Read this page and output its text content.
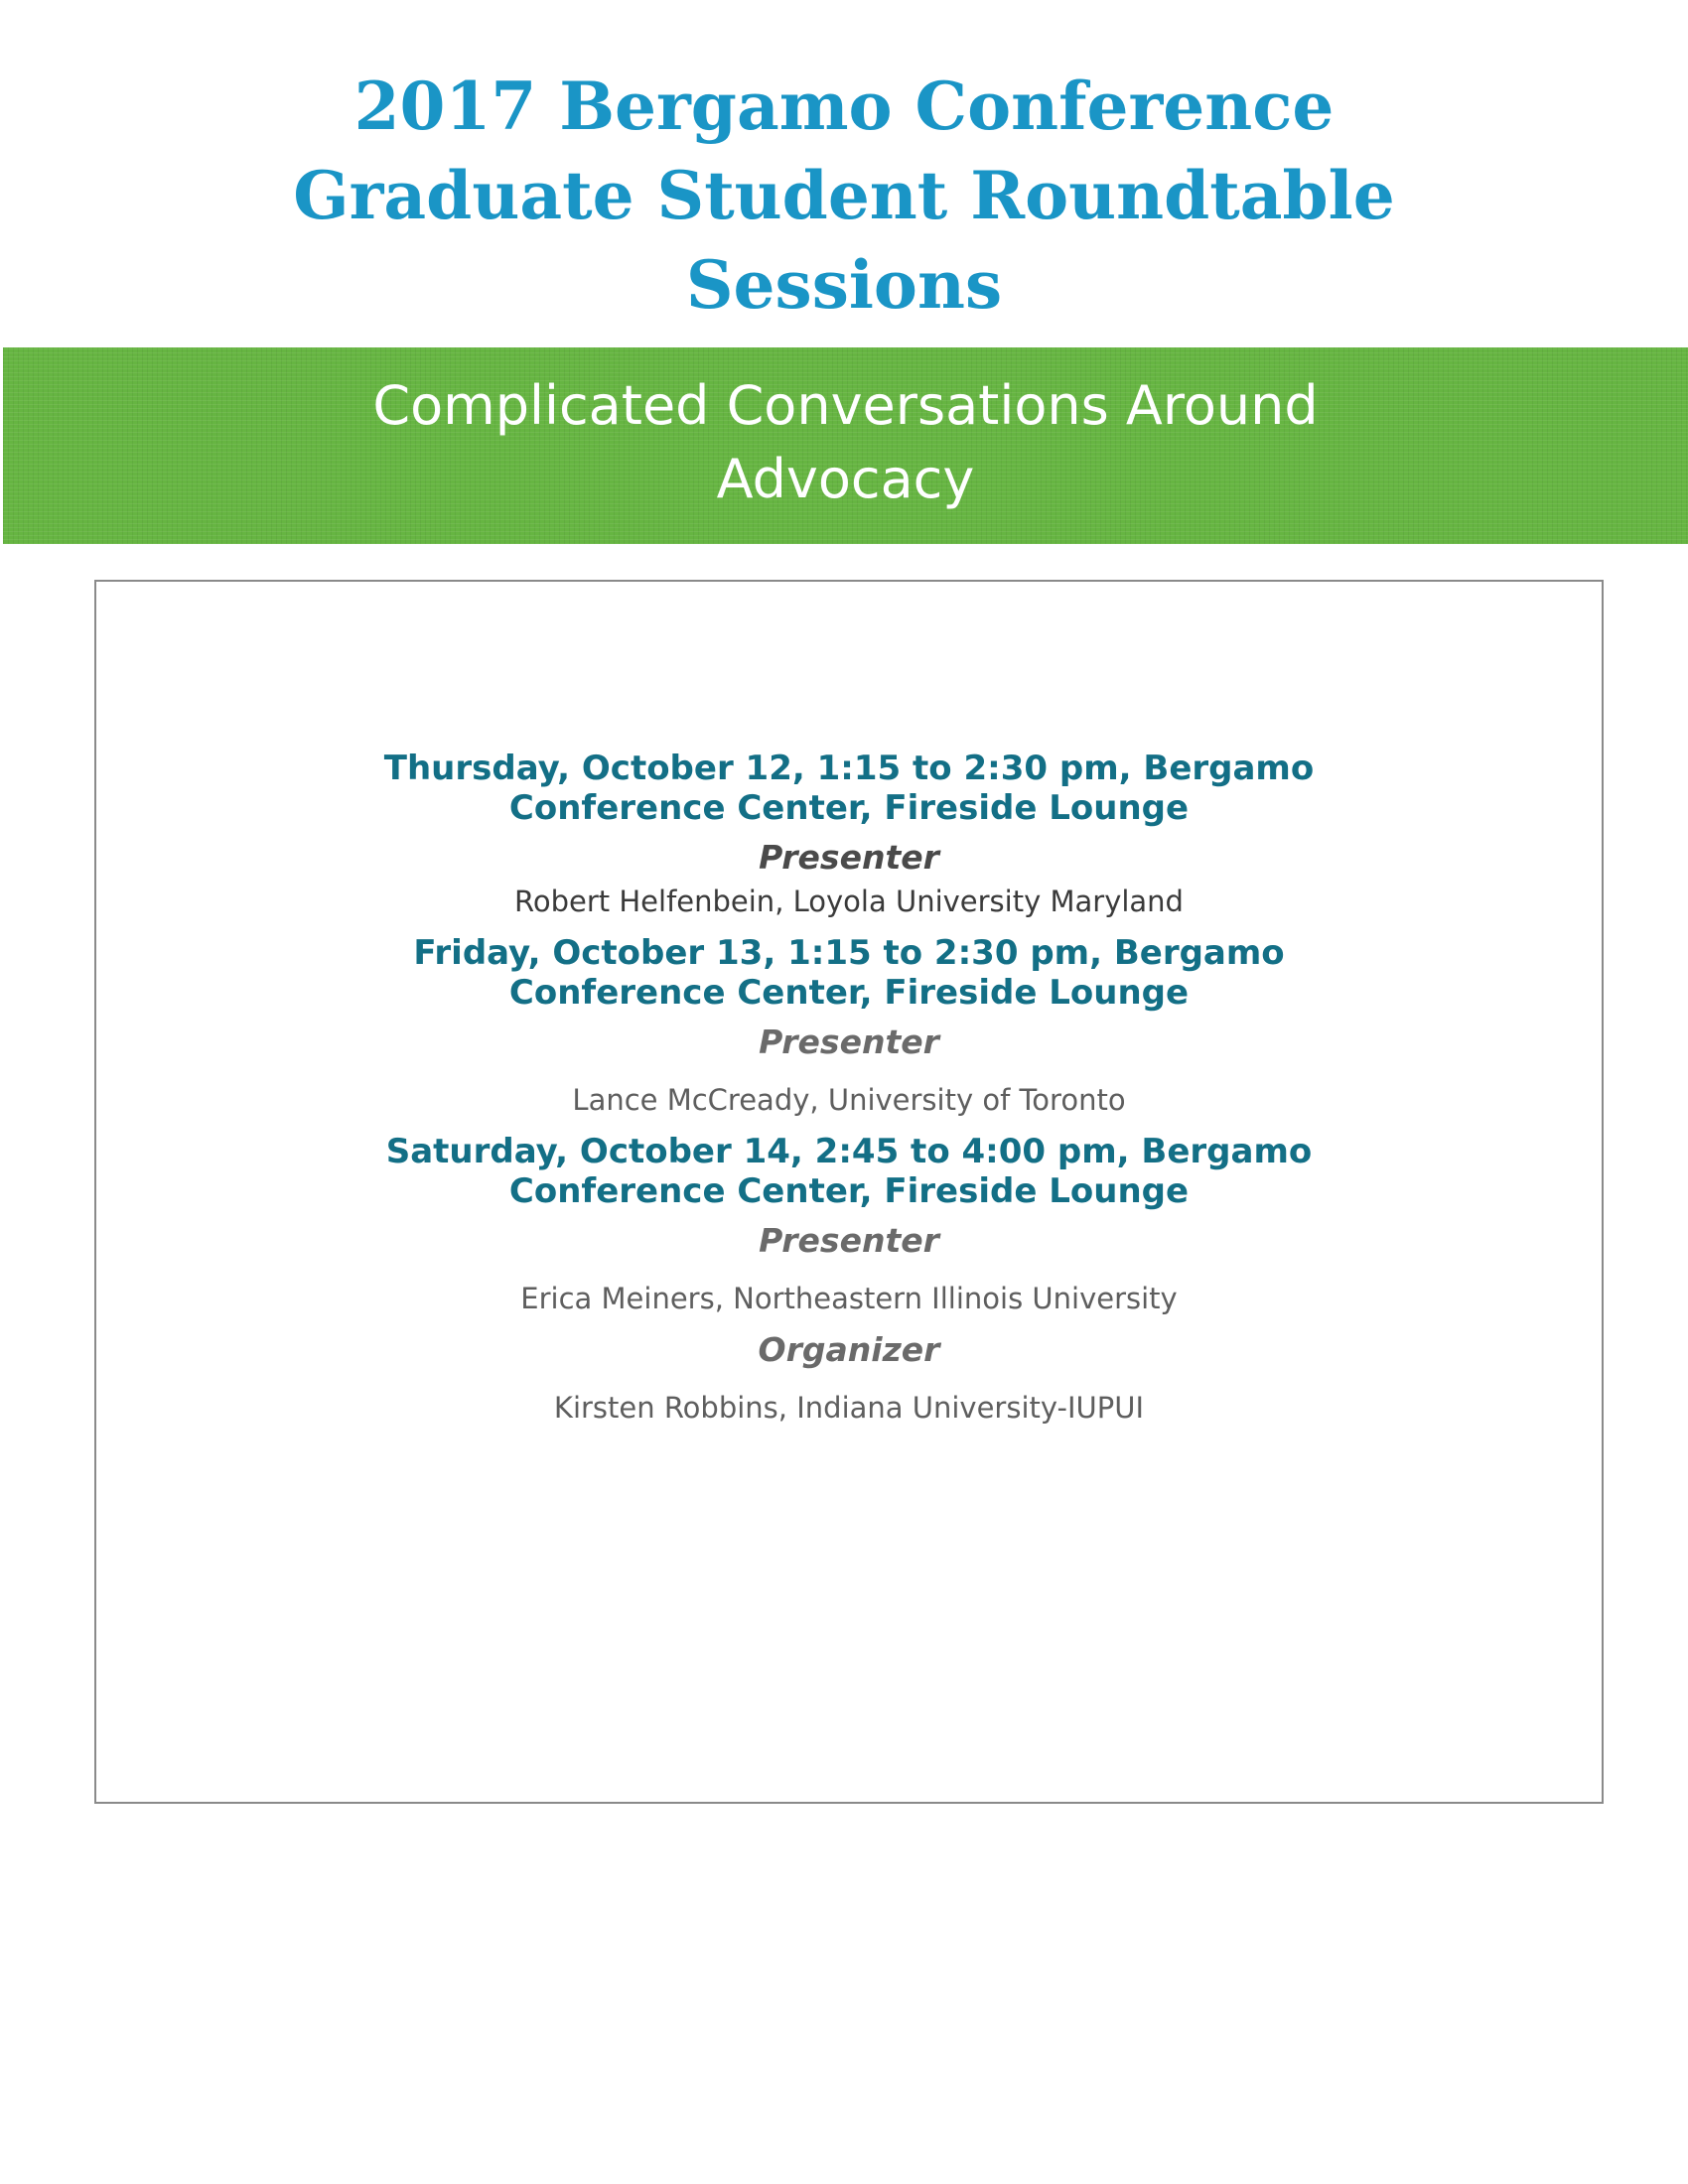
2017 Bergamo Conference
Graduate Student Roundtable
Sessions
Complicated Conversations Around
Advocacy

Thursday, October 12, 1:15 to 2:30 pm, Bergamo
Conference Center, Fireside Lounge

Presenter
Robert Helfenbein, Loyola University Maryland

Friday, October 13, 1:15 to 2:30 pm, Bergamo
Conference Center, Fireside Lounge

Presenter
Lance McCready, University of Toronto

Saturday, October 14, 2:45 to 4:00 pm, Bergamo
Conference Center, Fireside Lounge

Presenter
Erica Meiners, Northeastern Illinois University
Organizer
Kirsten Robbins, Indiana University-IUPUI
